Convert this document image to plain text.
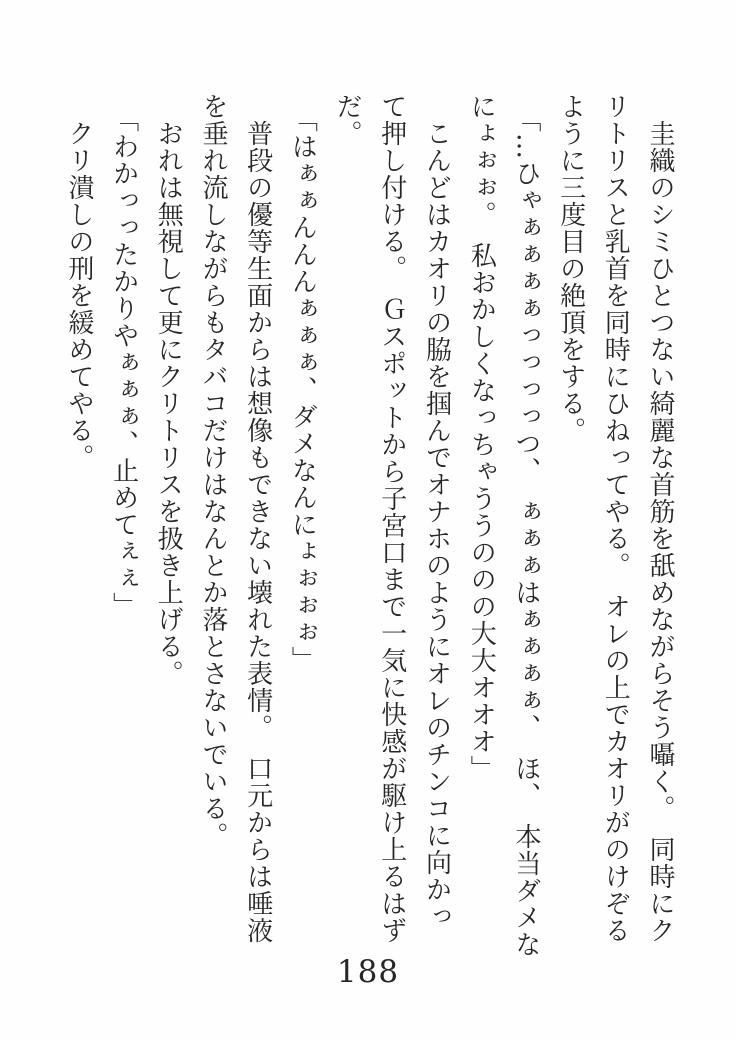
圭織のシミひとつない綺麗な首筋を舐めながらそう囁く。　同時にク
リトリスと乳首を同時にひねってやる。　オレの上でカオリがのけぞる
ように三度目の絶頂をする。
「…ひゃぁぁぁぁっっっっつ、　ぁぁぁはぁぁぁぁ、　ほ、　本当ダメな
にょぉぉ。　私おかしくなっちゃううののの大大オオオ」
こんどはカオリの脇を掴んでオナホのようにオレのチンコに向かっ
て押し付ける。　Ｇスポットから子宮口まで一気に快感が駆け上るはず
だ。
「はぁぁんんんぁぁぁ、ダメなんにょぉぉぉ」
普段の優等生面からは想像もできない壊れた表情。　口元からは唾液
を垂れ流しながらもタバコだけはなんとか落とさないでいる。
おれは無視して更にクリトリスを扱き上げる。
「わかっったかりやぁぁぁ、止めてぇぇ」
クリ潰しの刑を緩めてやる。
188
